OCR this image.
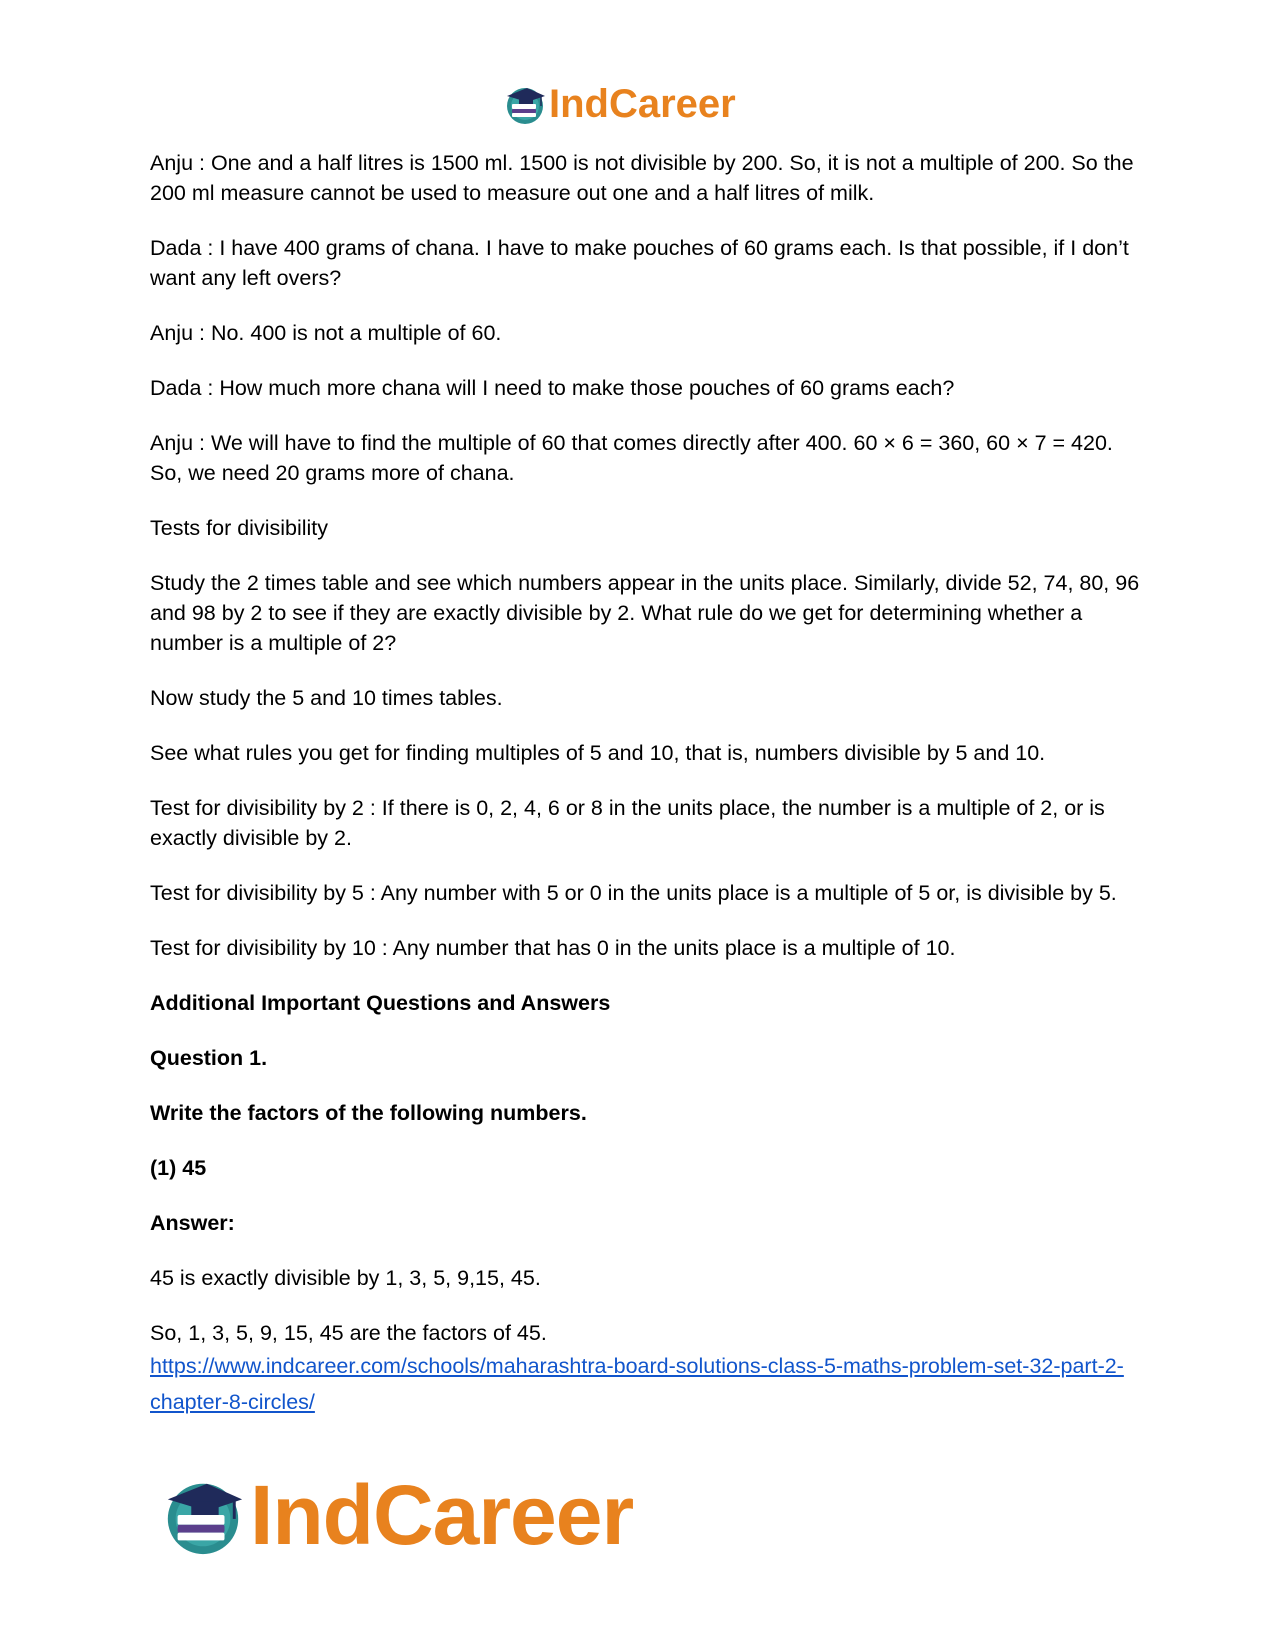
IndCareer

Anju : One and a half litres is 1500 ml. 1500 is not divisible by 200. So, it is not a multiple of 200. So the 200 ml measure cannot be used to measure out one and a half litres of milk.

Dada : I have 400 grams of chana. I have to make pouches of 60 grams each. Is that possible, if I don’t want any left overs?

Anju : No. 400 is not a multiple of 60.

Dada : How much more chana will I need to make those pouches of 60 grams each?

Anju : We will have to find the multiple of 60 that comes directly after 400. 60 × 6 = 360, 60 × 7 = 420. So, we need 20 grams more of chana.

Tests for divisibility

Study the 2 times table and see which numbers appear in the units place. Similarly, divide 52, 74, 80, 96 and 98 by 2 to see if they are exactly divisible by 2. What rule do we get for determining whether a number is a multiple of 2?

Now study the 5 and 10 times tables.

See what rules you get for finding multiples of 5 and 10, that is, numbers divisible by 5 and 10.

Test for divisibility by 2 : If there is 0, 2, 4, 6 or 8 in the units place, the number is a multiple of 2, or is exactly divisible by 2.

Test for divisibility by 5 : Any number with 5 or 0 in the units place is a multiple of 5 or, is divisible by 5.

Test for divisibility by 10 : Any number that has 0 in the units place is a multiple of 10.

Additional Important Questions and Answers

Question 1.

Write the factors of the following numbers.

(1) 45

Answer:

45 is exactly divisible by 1, 3, 5, 9,15, 45.

So, 1, 3, 5, 9, 15, 45 are the factors of 45.

https://www.indcareer.com/schools/maharashtra-board-solutions-class-5-maths-problem-set-32-part-2-chapter-8-circles/
IndCareer
